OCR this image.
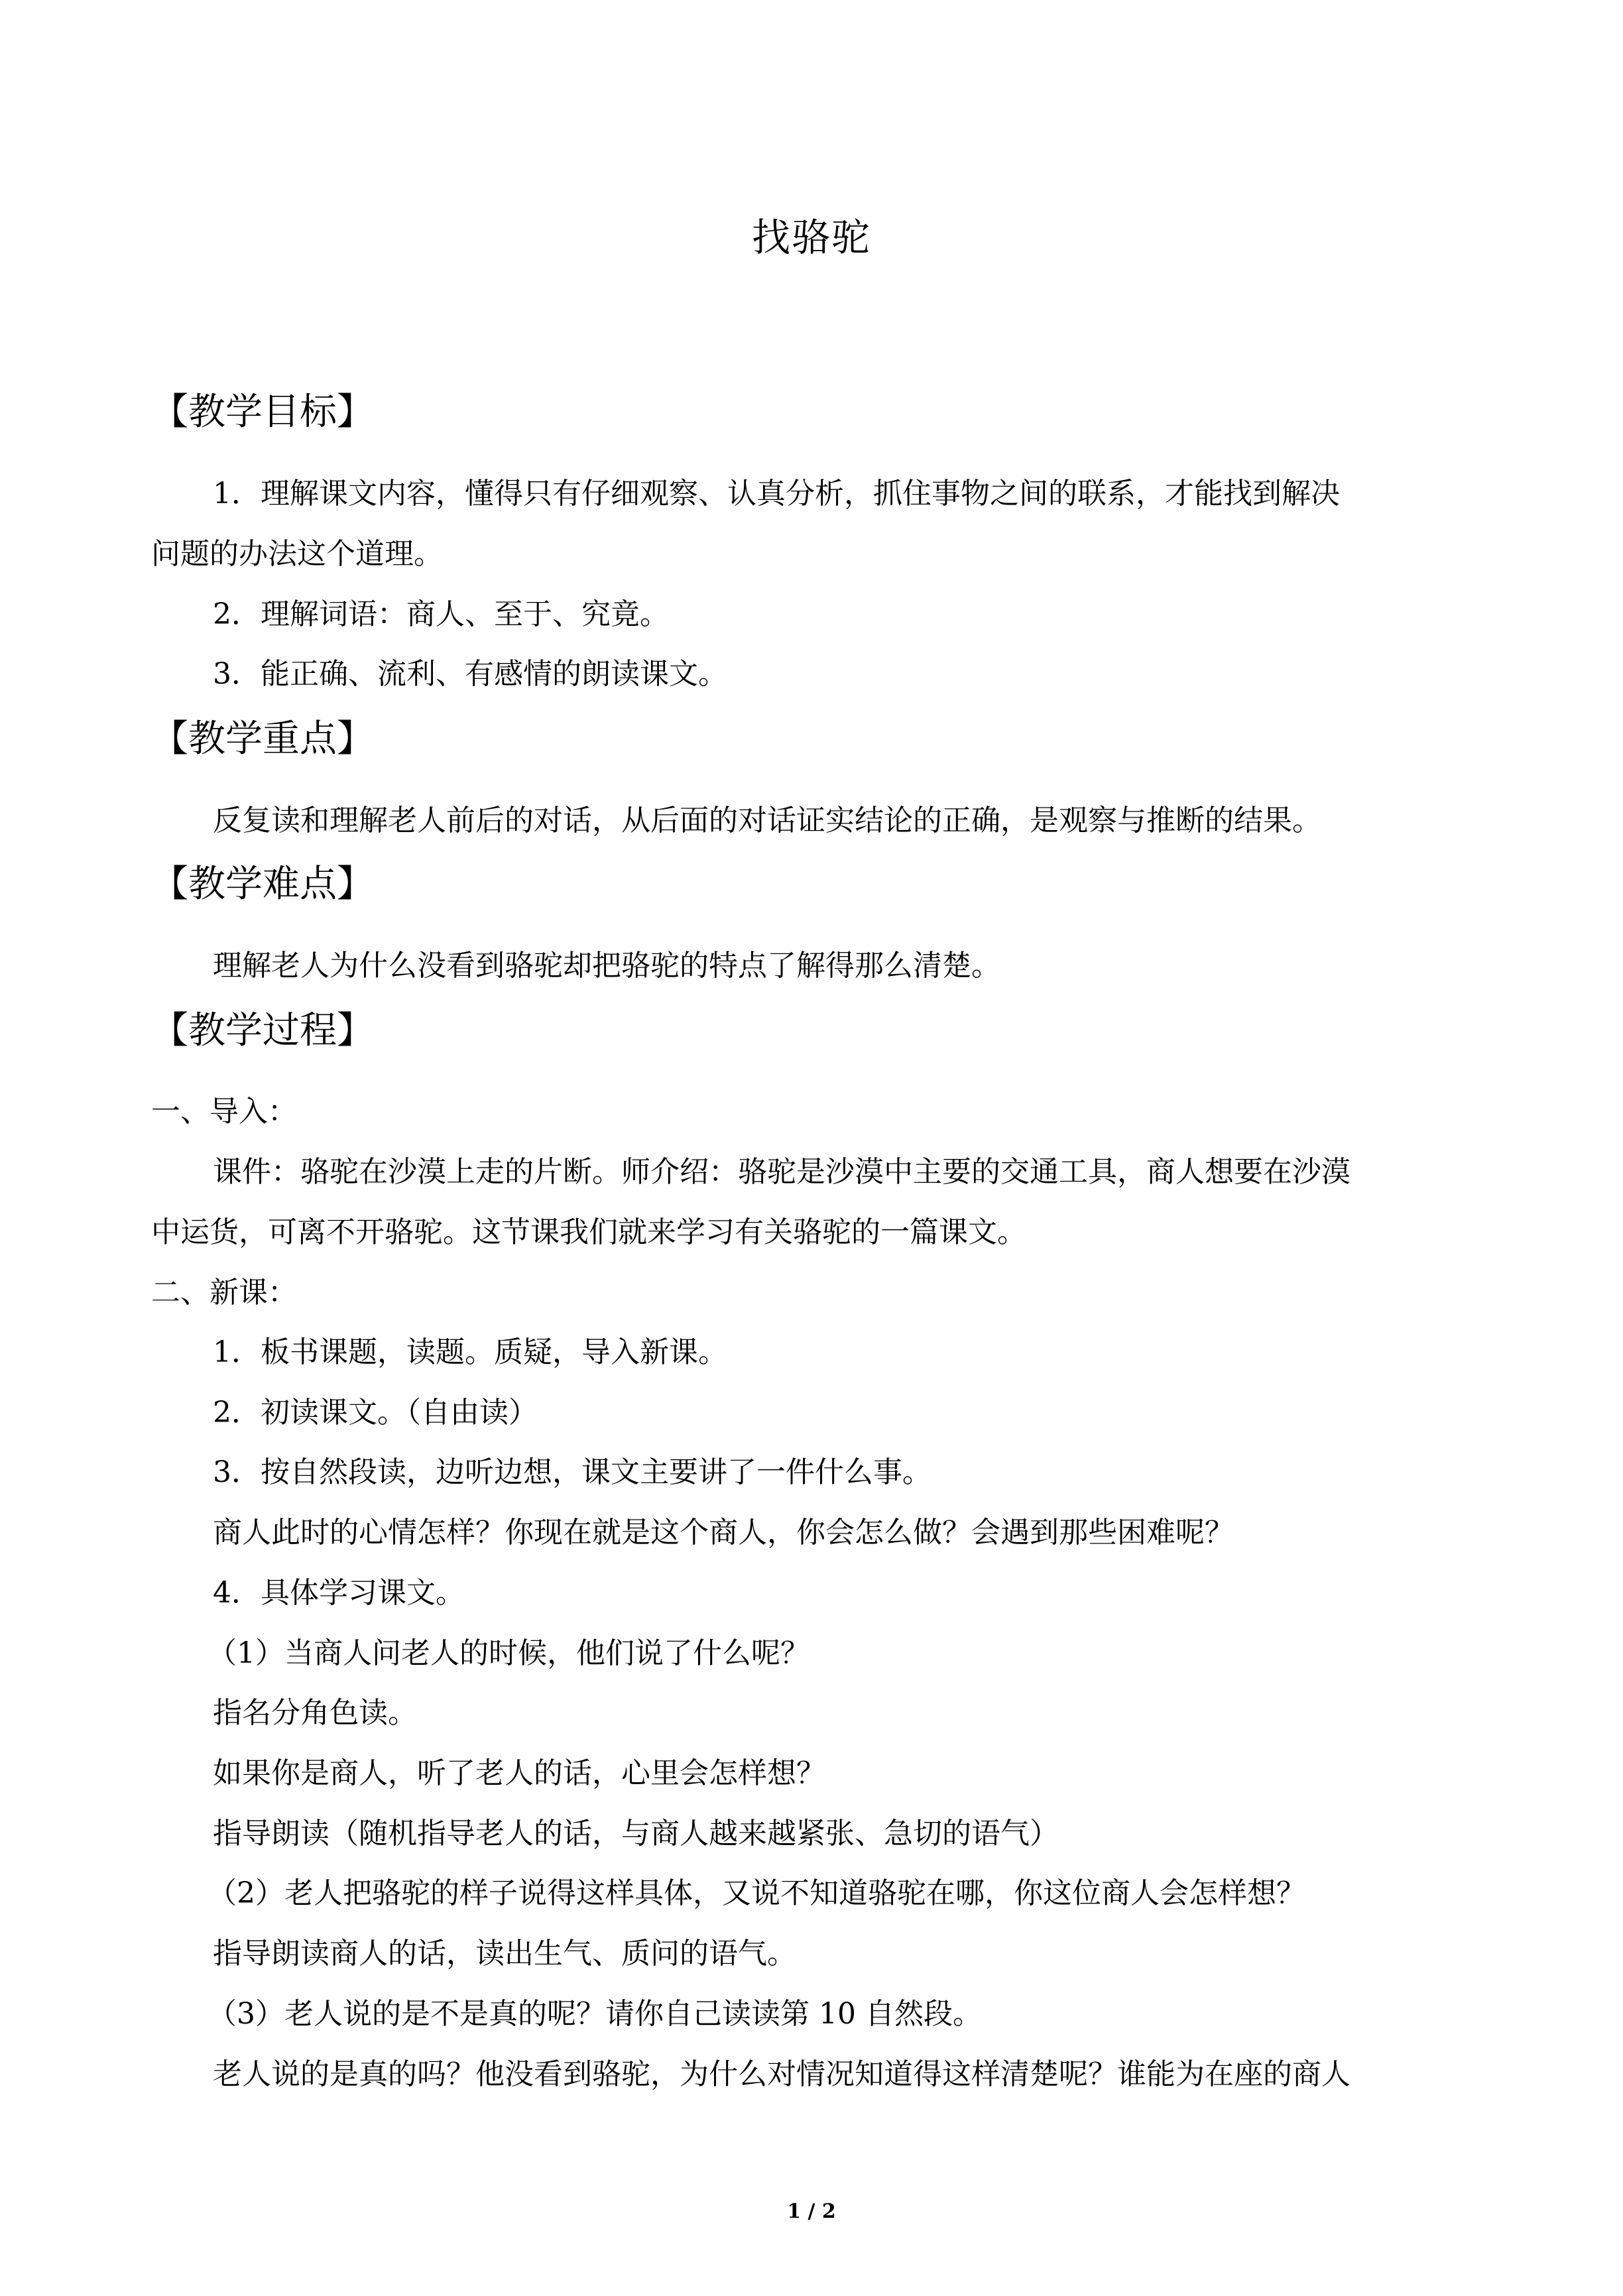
找骆驼
【教学目标】
1．理解课文内容，懂得只有仔细观察、认真分析，抓住事物之间的联系，才能找到解决
问题的办法这个道理。
2．理解词语：商人、至于、究竟。
3．能正确、流利、有感情的朗读课文。
【教学重点】
反复读和理解老人前后的对话，从后面的对话证实结论的正确，是观察与推断的结果。
【教学难点】
理解老人为什么没看到骆驼却把骆驼的特点了解得那么清楚。
【教学过程】
一、导入：
课件：骆驼在沙漠上走的片断。师介绍：骆驼是沙漠中主要的交通工具，商人想要在沙漠
中运货，可离不开骆驼。这节课我们就来学习有关骆驼的一篇课文。
二、新课：
1．板书课题，读题。质疑，导入新课。
2．初读课文。（自由读）
3．按自然段读，边听边想，课文主要讲了一件什么事。
商人此时的心情怎样？你现在就是这个商人，你会怎么做？会遇到那些困难呢？
4．具体学习课文。
（1）当商人问老人的时候，他们说了什么呢？
指名分角色读。
如果你是商人，听了老人的话，心里会怎样想？
指导朗读（随机指导老人的话，与商人越来越紧张、急切的语气）
（2）老人把骆驼的样子说得这样具体，又说不知道骆驼在哪，你这位商人会怎样想？
指导朗读商人的话，读出生气、质问的语气。
（3）老人说的是不是真的呢？请你自己读读第 10 自然段。
老人说的是真的吗？他没看到骆驼，为什么对情况知道得这样清楚呢？谁能为在座的商人
1 / 2
